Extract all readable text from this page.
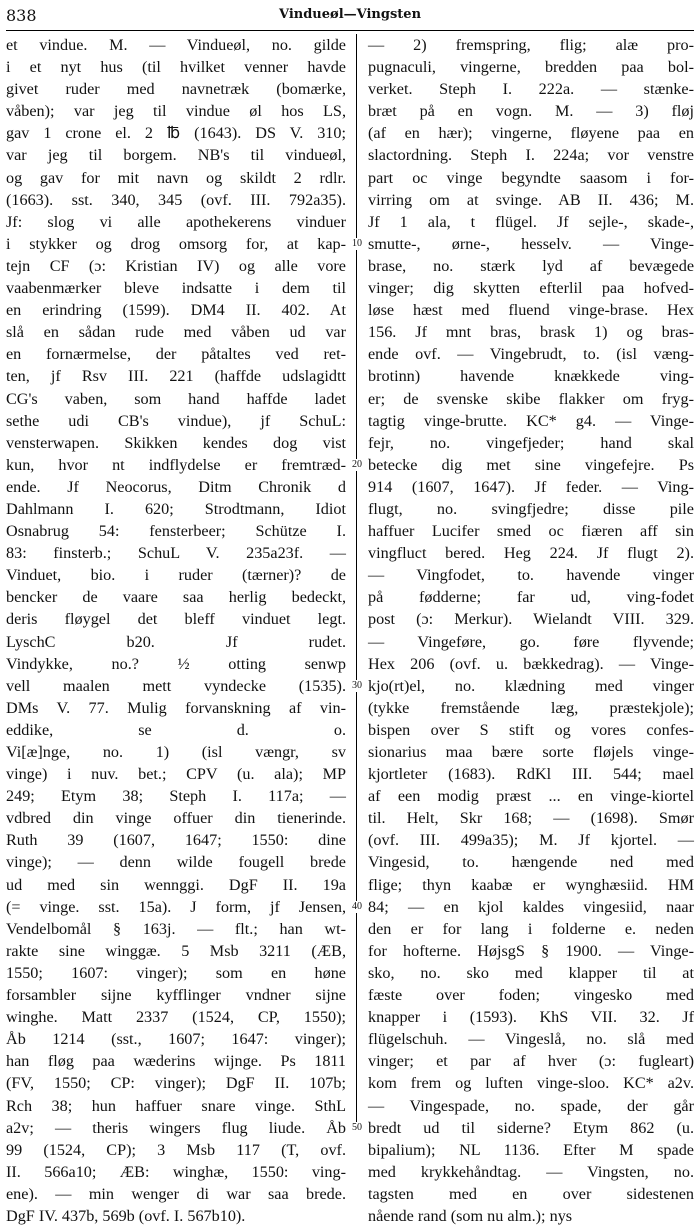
838	Vindueøl—Vingsten
et vindue. M. — Vindueøl, no. gilde
i et nyt hus (til hvilket venner havde
givet ruder med navnetræk (bomærke,
våben); var jeg til vindue øl hos LS,
gav 1 crone el. 2 ℔ (1643). DS V. 310;
var jeg til borgem. NB's til vindueøl,
og gav for mit navn og skildt 2 rdlr.
(1663). sst. 340, 345 (ovf. III. 792a35).
Jf: slog vi alle apothekerens vinduer
i stykker og drog omsorg for, at kap-
tejn CF (ɔ: Kristian IV) og alle vore
vaabenmærker bleve indsatte i dem til
en erindring (1599). DM4 II. 402. At
slå en sådan rude med våben ud var
en fornærmelse, der påtaltes ved ret-
ten, jf Rsv III. 221 (haffde udslagidtt
CG's vaben, som hand haffde ladet
sethe udi CB's vindue), jf SchuL:
vensterwapen. Skikken kendes dog vist
kun, hvor nt indflydelse er fremtræd-
ende. Jf Neocorus, Ditm Chronik d
Dahlmann I. 620; Strodtmann, Idiot
Osnabrug 54: fensterbeer; Schütze I.
83: finsterb.; SchuL V. 235a23f. —
Vinduet, bio. i ruder (tærner)? de
bencker de vaare saa herlig bedeckt,
deris fløygel det bleff vinduet legt.
LyschC b20. Jf rudet.
Vindykke, no.? ½ otting senwp
vell maalen mett vyndecke (1535).
DMs V. 77. Mulig forvanskning af vin-
eddike, se d. o.
Vi[æ]nge, no. 1) (isl vængr, sv
vinge) i nuv. bet.; CPV (u. ala); MP
249; Etym 38; Steph I. 117a; —
vdbred din vinge offuer din tienerinde.
Ruth 39 (1607, 1647; 1550: dine
vinge); — denn wilde fougell brede
ud med sin wennggi. DgF II. 19a
(= vinge. sst. 15a). J form, jf Jensen,
Vendelbomål § 163j. — flt.; han wt-
rakte sine winggæ. 5 Msb 3211 (ÆB,
1550; 1607: vinger); som en høne
forsambler sijne kyfflinger vndner sijne
winghe. Matt 2337 (1524, CP, 1550);
Åb 1214 (sst., 1607; 1647: vinger);
han fløg paa wæderins wijnge. Ps 1811
(FV, 1550; CP: vinger); DgF II. 107b;
Rch 38; hun haffuer snare vinge. SthL
a2v; — theris wingers flug liude. Åb
99 (1524, CP); 3 Msb 117 (T, ovf.
II. 566a10; ÆB: winghæ, 1550: ving-
ene). — min wenger di war saa brede.
DgF IV. 437b, 569b (ovf. I. 567b10).
10
20
30
40
50
— 2) fremspring, flig; alæ pro-
pugnaculi, vingerne, bredden paa bol-
verket. Steph I. 222a. — stænke-
bræt på en vogn. M. — 3) fløj
(af en hær); vingerne, fløyene paa en
slactordning. Steph I. 224a; vor venstre
part oc vinge begyndte saasom i for-
virring om at svinge. AB II. 436; M.
Jf 1 ala, t flügel. Jf sejle-, skade-,
smutte-, ørne-, hesselv. — Vinge-
brase, no. stærk lyd af bevægede
vinger; dig skytten efterlil paa hofved-
løse hæst med fluend vinge-brase. Hex
156. Jf mnt bras, brask 1) og bras-
ende ovf. — Vingebrudt, to. (isl væng-
brotinn) havende knækkede ving-
er; de svenske skibe flakker om fryg-
tagtig vinge-brutte. KC* g4. — Vinge-
fejr, no. vingefjeder; hand skal
betecke dig met sine vingefejre. Ps
914 (1607, 1647). Jf feder. — Ving-
flugt, no. svingfjedre; disse pile
haffuer Lucifer smed oc fiæren aff sin
vingfluct bered. Heg 224. Jf flugt 2).
— Vingfodet, to. havende vinger
på fødderne; far ud, ving-fodet
post (ɔ: Merkur). Wielandt VIII. 329.
— Vingeføre, go. føre flyvende;
Hex 206 (ovf. u. bækkedrag). — Vinge-
kjo(rt)el, no. klædning med vinger
(tykke fremstående læg, præstekjole);
bispen over S stift og vores confes-
sionarius maa bære sorte fløjels vinge-
kjortleter (1683). RdKl III. 544; mael
af een modig præst ... en vinge-kiortel
til. Helt, Skr 168; — (1698). Smør
(ovf. III. 499a35); M. Jf kjortel. —
Vingesid, to. hængende ned med
flige; thyn kaabæ er wynghæsiid. HM
84; — en kjol kaldes vingesiid, naar
den er for lang i folderne e. neden
for hofterne. HøjsgS § 1900. — Vinge-
sko, no. sko med klapper til at
fæste over foden; vingesko med
knapper i (1593). KhS VII. 32. Jf
flügelschuh. — Vingeslå, no. slå med
vinger; et par af hver (ɔ: fugleart)
kom frem og luften vinge-sloo. KC* a2v.
— Vingespade, no. spade, der går
bredt ud til siderne? Etym 862 (u.
bipalium); NL 1136. Efter M spade
med krykkehåndtag. — Vingsten, no.
tagsten med en over sidestenen
nående rand (som nu alm.); nys
